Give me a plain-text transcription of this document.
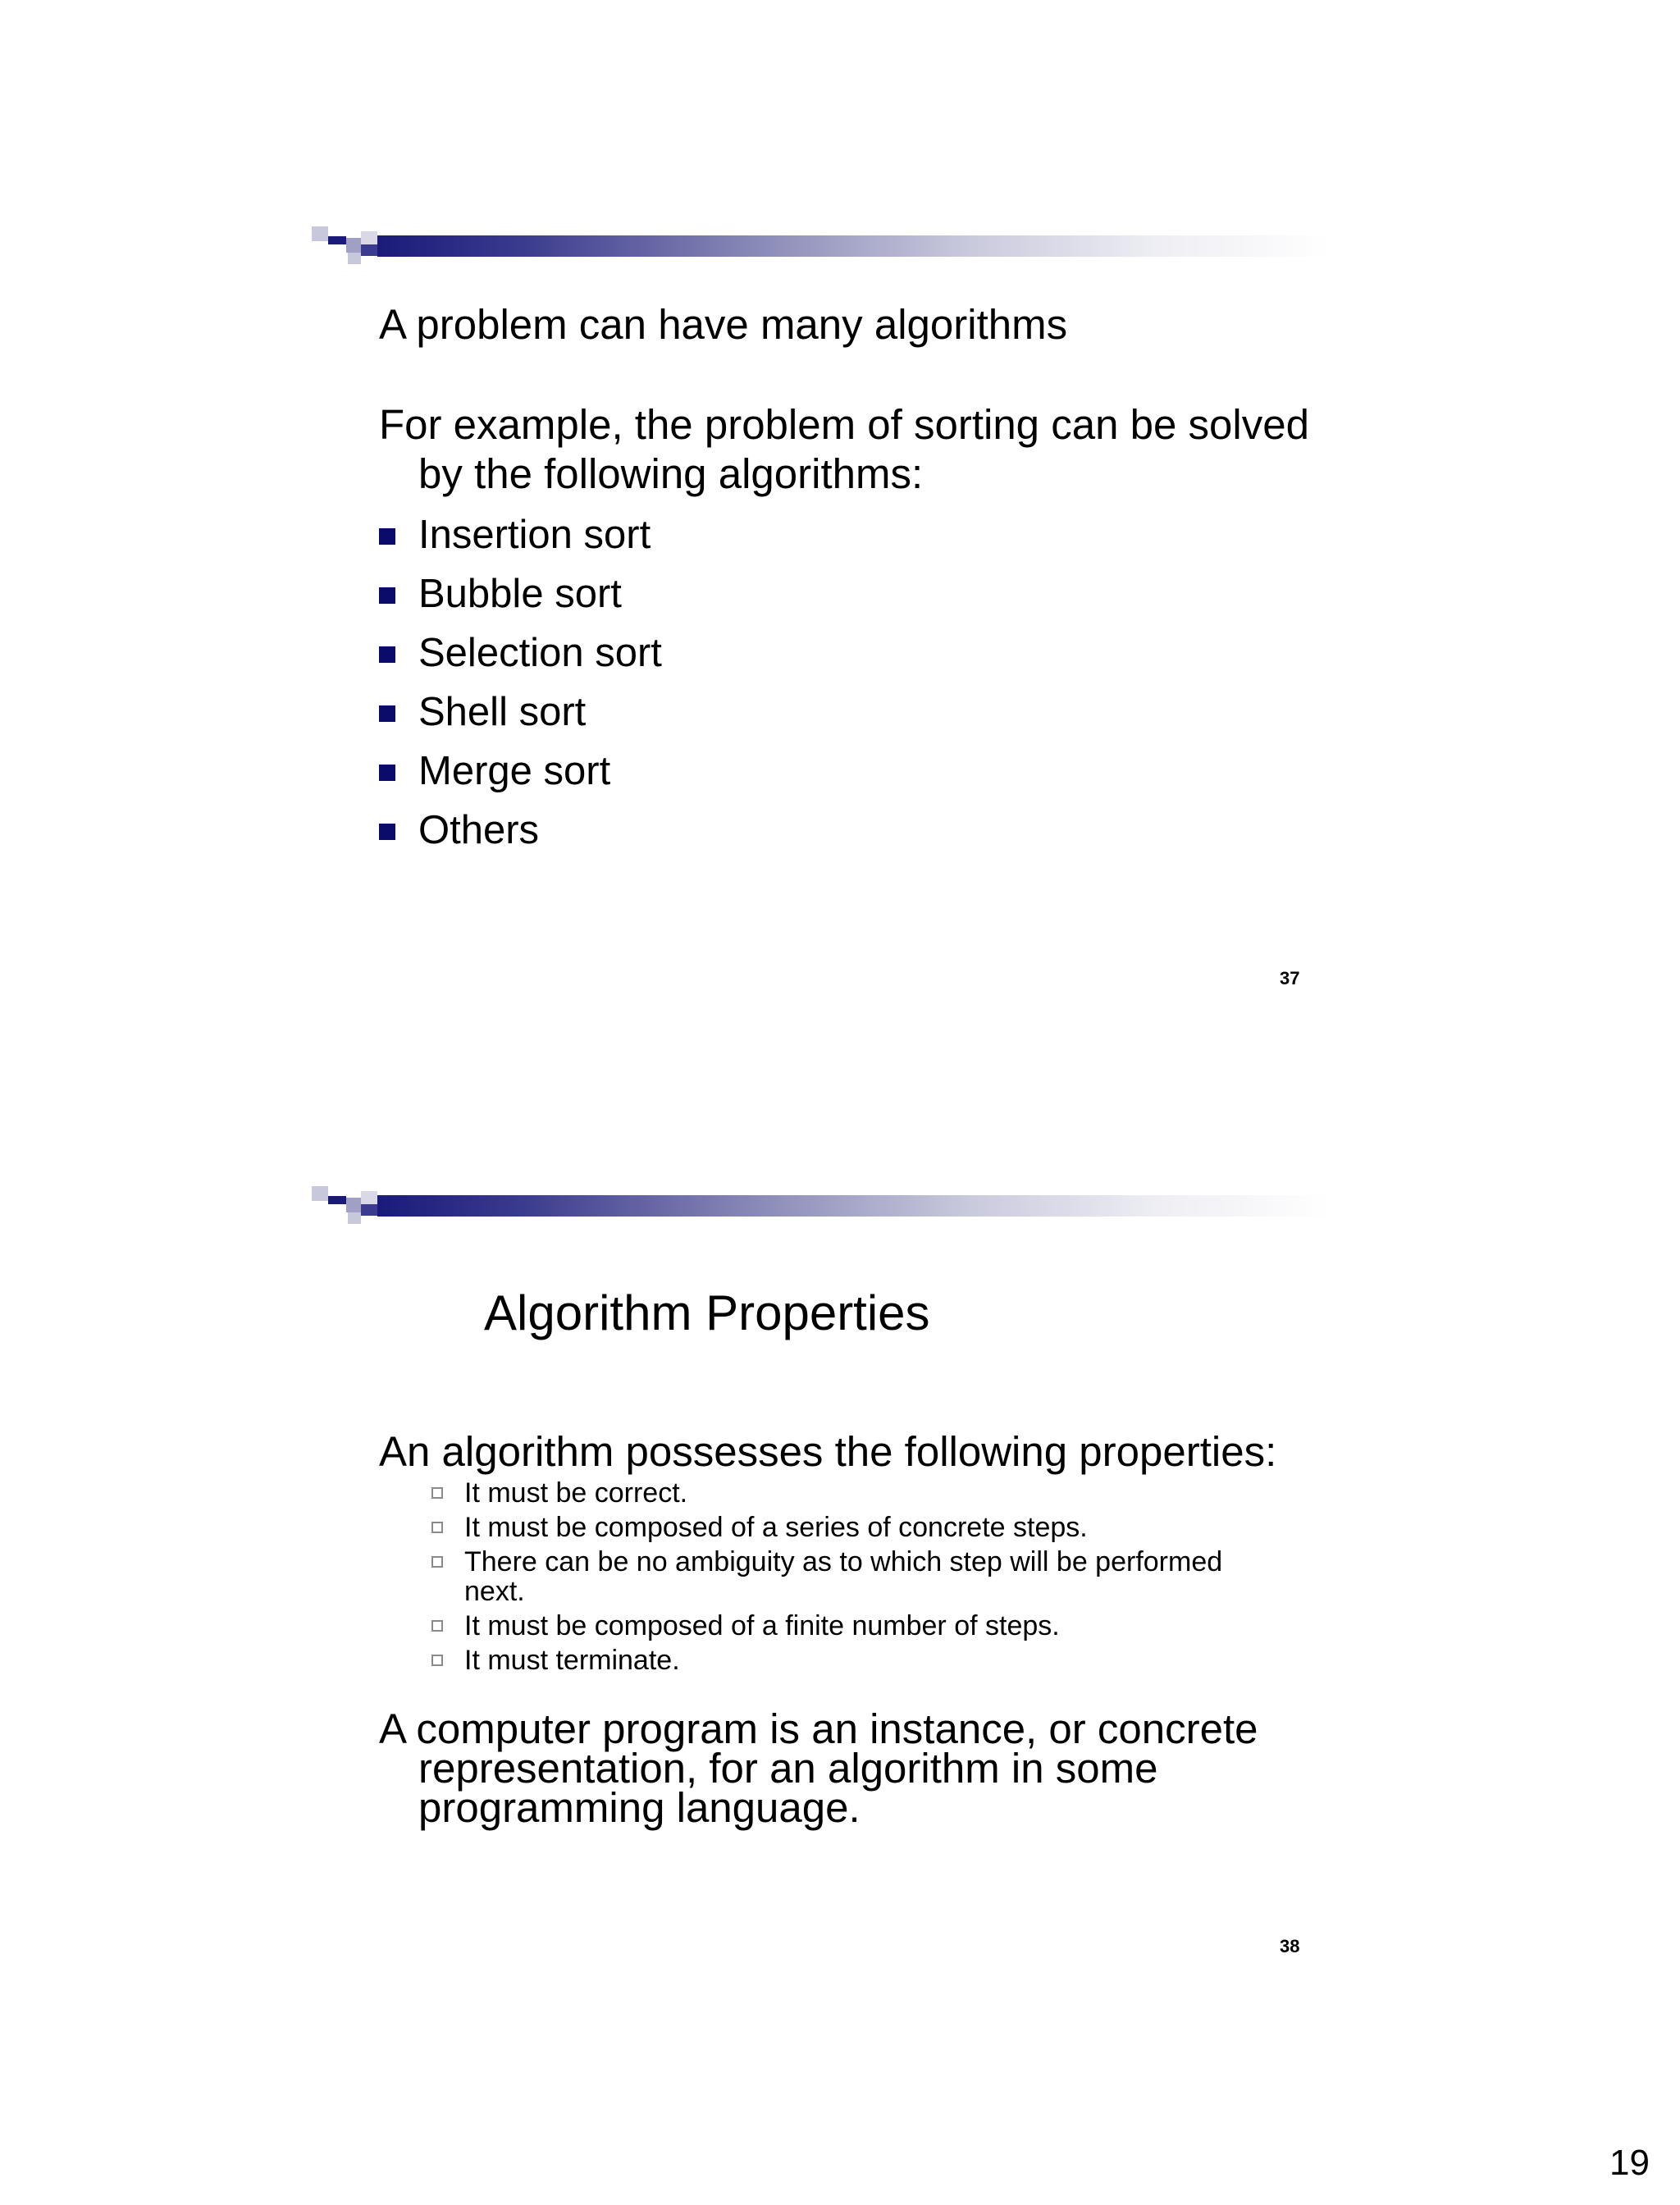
A problem can have many algorithms
For example, the problem of sorting can be solved
by the following algorithms:
Insertion sort
Bubble sort
Selection sort
Shell sort
Merge sort
Others
37
Algorithm Properties
An algorithm possesses the following properties:
It must be correct.
It must be composed of a series of concrete steps.
There can be no ambiguity as to which step will be performed next.
It must be composed of a finite number of steps.
It must terminate.
A computer program is an instance, or concrete
representation, for an algorithm in some
programming language.
38
19
